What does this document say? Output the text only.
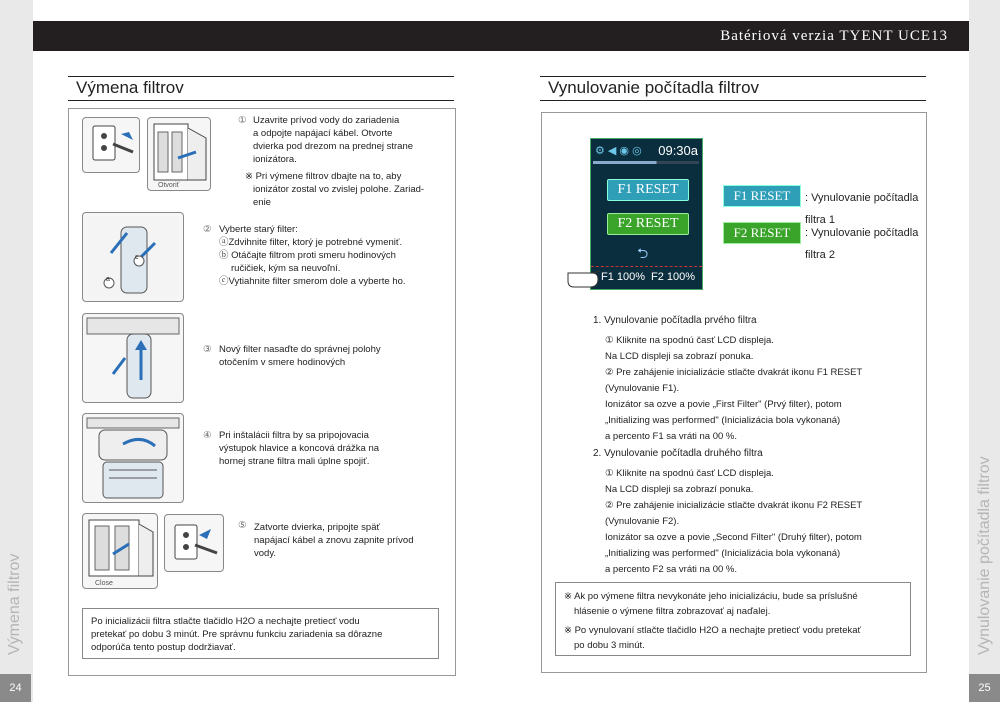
Výmena filtrov	Vynulovanie počítadla filtrov
24	25
Batériová verzia TYENT UCE13
Výmena filtrov
Otvoriť
① Uzavrite prívod vody do zariadenia
a odpojte napájací kábel. Otvorte
dvierka pod drezom na prednej strane
ionizátora.
※ Pri výmene filtrov dbajte na to, aby
ionizátor zostal vo zvislej polohe. Zariad-
enie
c
a
② Vyberte starý filter:
ⓐZdvihnite filter, ktorý je potrebné vymeniť.
ⓑ Otáčajte filtrom proti smeru hodinových
ručičiek, kým sa neuvoľní.
ⓒVytiahnite filter smerom dole a vyberte ho.
③ Nový filter nasaďte do správnej polohy
otočením v smere hodinových
④ Pri inštalácii filtra by sa pripojovacia
výstupok hlavice a koncová drážka na
hornej strane filtra mali úplne spojiť.
Close
⑤ Zatvorte dvierka, pripojte späť
napájací kábel a znovu zapnite prívod
vody.
Po inicializácii filtra stlačte tlačidlo H2O a nechajte pretiecť vodu
pretekať po dobu 3 minút. Pre správnu funkciu zariadenia sa dôrazne
odporúča tento postup dodržiavať.
Vynulovanie počítadla filtrov
⚙ ◀ ◉ ◎ 09:30a
F1 RESET
F2 RESET
⮌
F1 100% F2 100%
F1 RESET	: Vynulovanie počítadla
filtra 1
F2 RESET	: Vynulovanie počítadla
filtra 2
1. Vynulovanie počítadla prvého filtra
① Kliknite na spodnú časť LCD displeja.
Na LCD displeji sa zobrazí ponuka.
② Pre zahájenie inicializácie stlačte dvakrát ikonu F1 RESET
(Vynulovanie F1).
Ionizátor sa ozve a povie „First Filter" (Prvý filter), potom
„Initializing was performed" (Inicializácia bola vykonaná)
a percento F1 sa vráti na 00 %.
2. Vynulovanie počítadla druhého filtra
① Kliknite na spodnú časť LCD displeja.
Na LCD displeji sa zobrazí ponuka.
② Pre zahájenie inicializácie stlačte dvakrát ikonu F2 RESET
(Vynulovanie F2).
Ionizátor sa ozve a povie „Second Filter" (Druhý filter), potom
„Initializing was performed" (Inicializácia bola vykonaná)
a percento F2 sa vráti na 00 %.
※ Ak po výmene filtra nevykonáte jeho inicializáciu, bude sa príslušné
hlásenie o výmene filtra zobrazovať aj naďalej.
※ Po vynulovaní stlačte tlačidlo H2O a nechajte pretiecť vodu pretekať
po dobu 3 minút.
